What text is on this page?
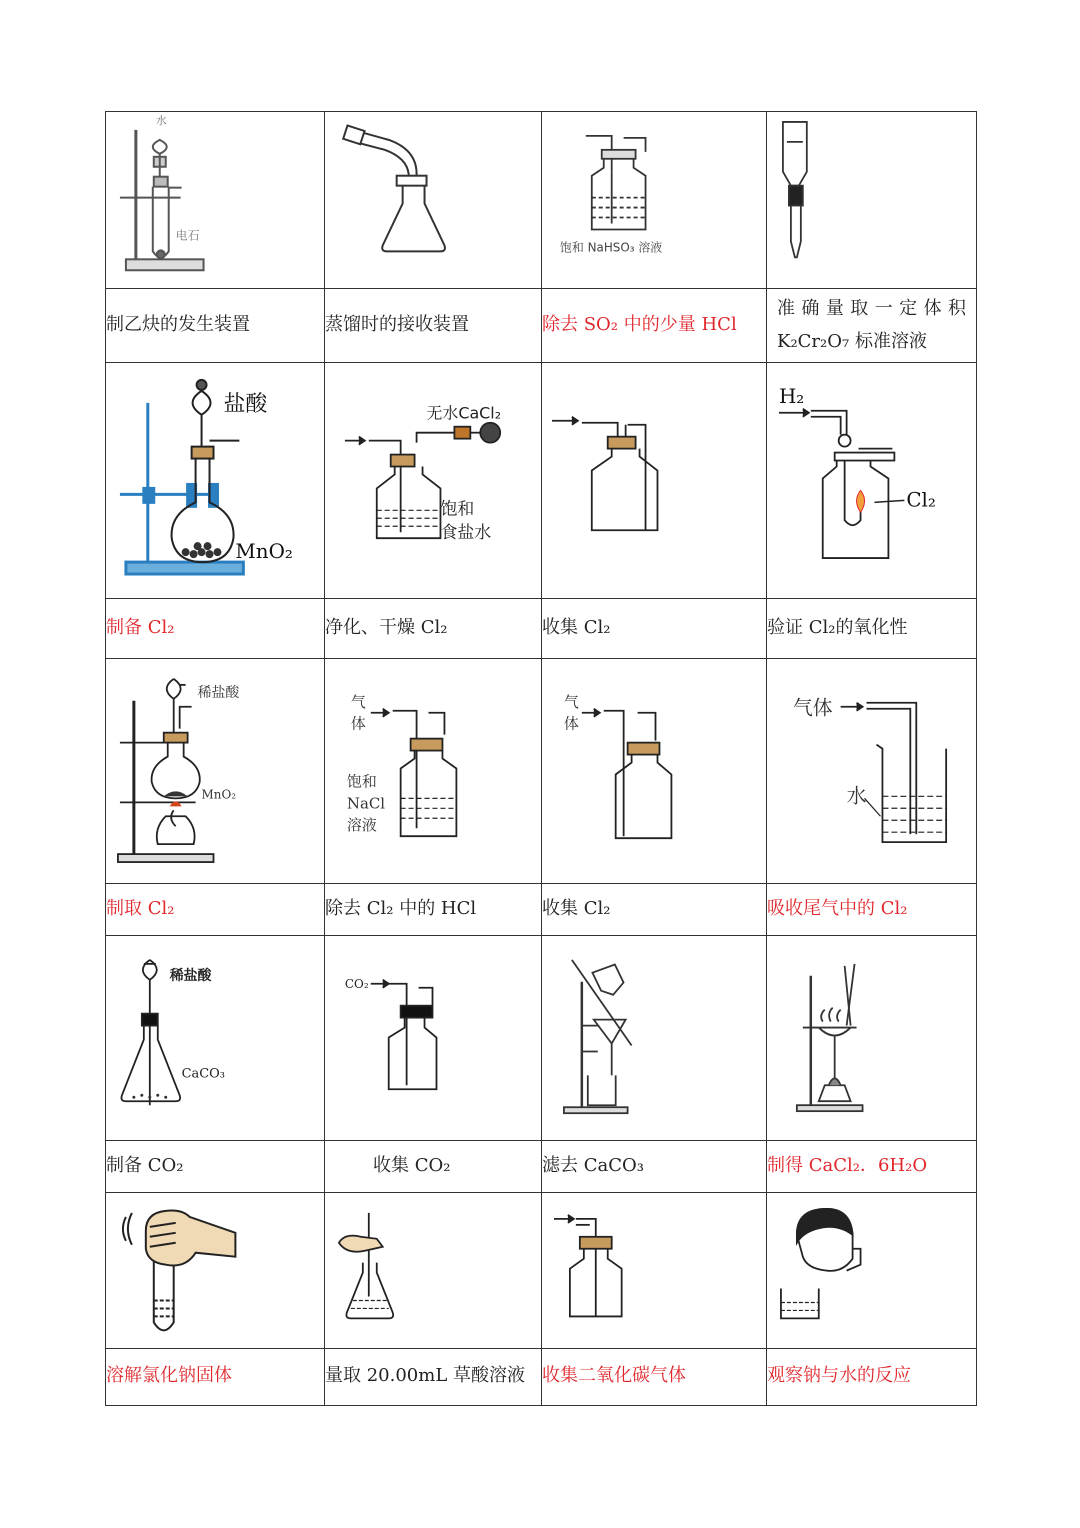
水
电石		饱和 NaHSO₃ 溶液

制乙炔的发生装置	蒸馏时的接收装置	除去 SO₂ 中的少量 HCl	准确量取一定体积
K₂Cr₂O₇ 标准溶液

盐酸
MnO₂	无水CaCl₂
饱和
食盐水		H₂
Cl₂

制备 Cl₂	净化、干燥 Cl₂	收集 Cl₂	验证 Cl₂的氧化性

稀盐酸
MnO₂	气
体
饱和
NaCl
溶液	气
体	气体
水

制取 Cl₂	除去 Cl₂ 中的 HCl	收集 Cl₂	吸收尾气中的 Cl₂

稀盐酸
CaCO₃	CO₂

制备 CO₂	收集 CO₂	滤去 CaCO₃	制得 CaCl₂．6H₂O

溶解氯化钠固体	量取 20.00mL 草酸溶液	收集二氧化碳气体	观察钠与水的反应
